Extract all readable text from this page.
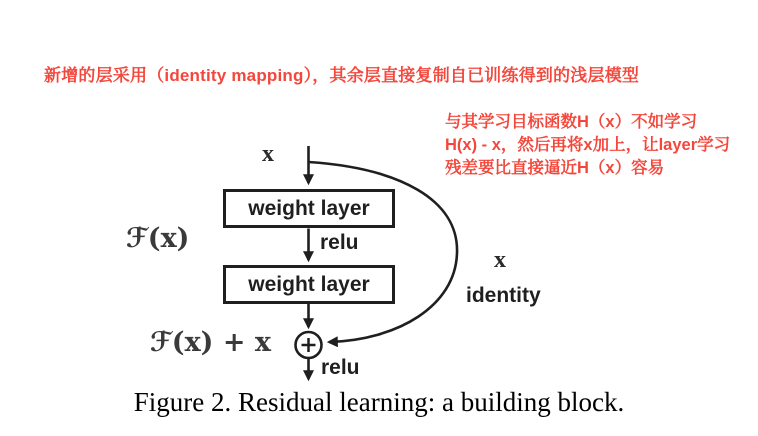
新增的层采用（identity mapping），其余层直接复制自已训练得到的浅层模型
与其学习目标函数H（x）不如学习
H(x) - x，然后再将x加上，让layer学习
残差要比直接逼近H（x）容易
weight layer
weight layer
x
relu
ℱ(x)
x
identity
ℱ(x) + x
relu
Figure 2. Residual learning: a building block.
